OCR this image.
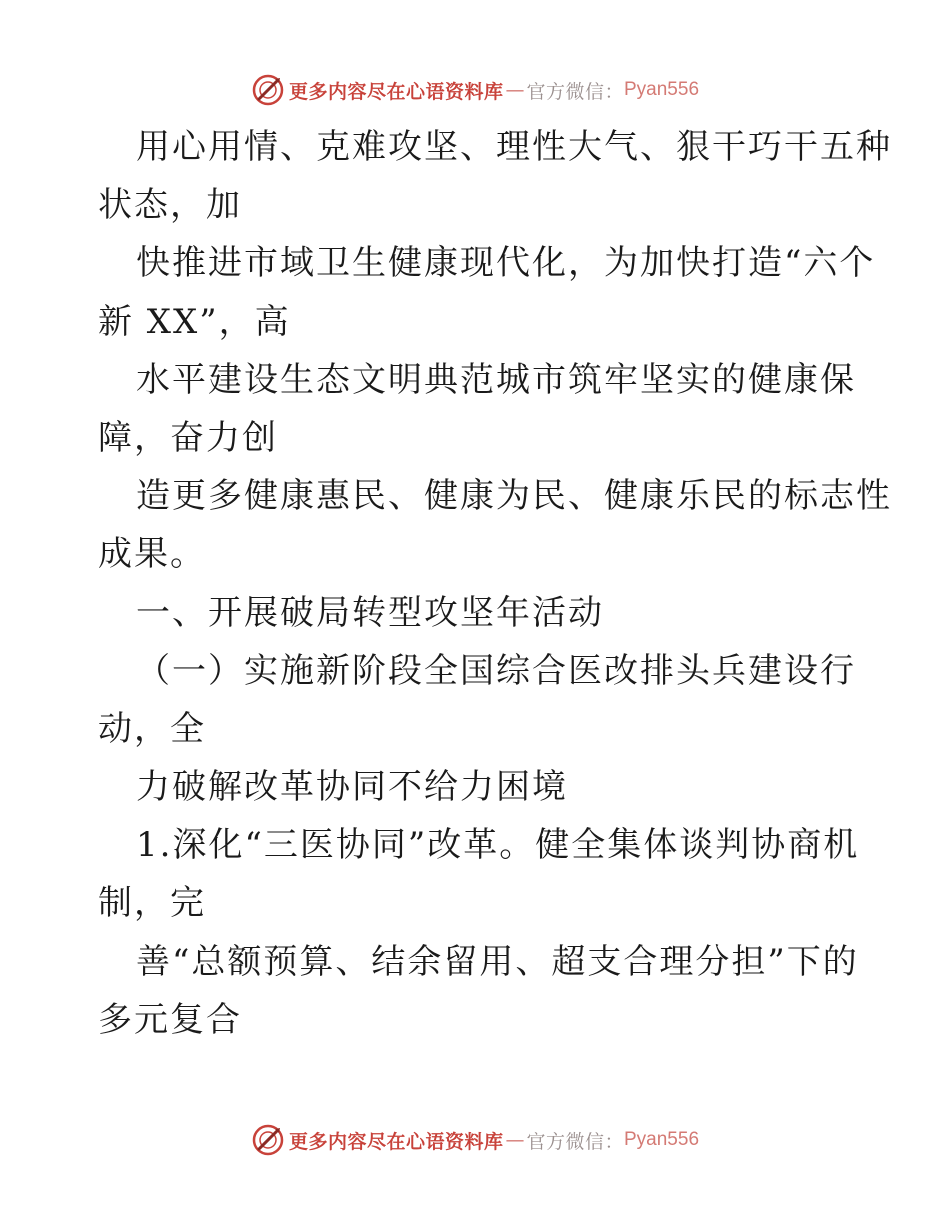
更多内容尽在心语资料库 — 官方微信： Pyan556
用心用情、克难攻坚、理性大气、狠干巧干五种
状态，加
快推进市域卫生健康现代化，为加快打造“六个
新 XX”，高
水平建设生态文明典范城市筑牢坚实的健康保
障，奋力创
造更多健康惠民、健康为民、健康乐民的标志性
成果。
一、开展破局转型攻坚年活动
（一）实施新阶段全国综合医改排头兵建设行
动，全
力破解改革协同不给力困境
1.深化“三医协同”改革。健全集体谈判协商机
制，完
善“总额预算、结余留用、超支合理分担”下的
多元复合
更多内容尽在心语资料库 — 官方微信： Pyan556
